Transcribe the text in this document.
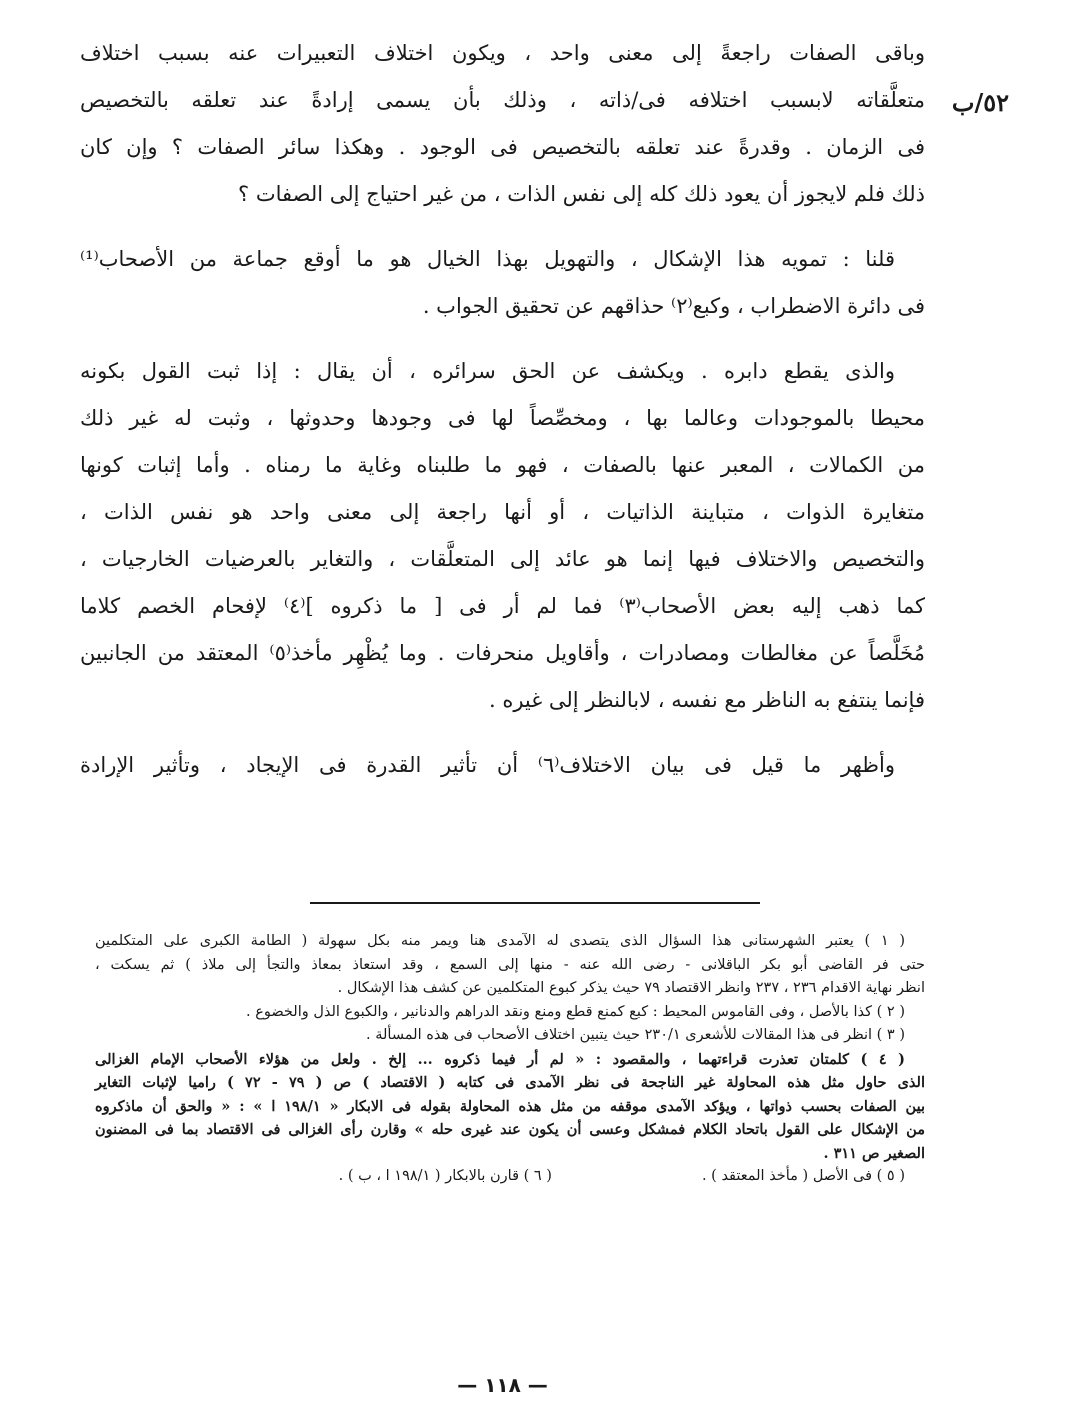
٥٢/ب

وباقى الصفات راجعةً إلى معنى واحد ، ويكون اختلاف التعبيرات عنه بسبب اختلاف
متعلَّقاته لابسبب اختلافه فى/ذاته ، وذلك بأن يسمى إرادةً عند تعلقه بالتخصيص
فى الزمان . وقدرةً عند تعلقه بالتخصيص فى الوجود . وهكذا سائر الصفات ؟ وإن كان
ذلك فلم لايجوز أن يعود ذلك كله إلى نفس الذات ، من غير احتياج إلى الصفات ؟

قلنا : تمويه هذا الإشكال ، والتهويل بهذا الخيال هو ما أوقع جماعة من الأصحاب⁽¹⁾
فى دائرة الاضطراب ، وكبع⁽٢⁾ حذاقهم عن تحقيق الجواب .

والذى يقطع دابره . ويكشف عن الحق سرائره ، أن يقال : إذا ثبت القول بكونه
محيطا بالموجودات وعالما بها ، ومخصِّصاً لها فى وجودها وحدوثها ، وثبت له غير ذلك
من الكمالات ، المعبر عنها بالصفات ، فهو ما طلبناه وغاية ما رمناه . وأما إثبات كونها
متغايرة الذوات ، متباينة الذاتيات ، أو أنها راجعة إلى معنى واحد هو نفس الذات ،
والتخصيص والاختلاف فيها إنما هو عائد إلى المتعلَّقات ، والتغاير بالعرضيات الخارجيات ،
كما ذهب إليه بعض الأصحاب⁽٣⁾ فما لم أر فى [ ما ذكروه ]⁽٤⁾ لإفحام الخصم كلاما
مُخَلَّصاً عن مغالطات ومصادرات ، وأقاويل منحرفات . وما يُظْهِر مأخذ⁽٥⁾ المعتقد من الجانبين
فإنما ينتفع به الناظر مع نفسه ، لابالنظر إلى غيره .

وأظهر ما قيل فى بيان الاختلاف⁽٦⁾ أن تأثير القدرة فى الإيجاد ، وتأثير الإرادة

( ١ ) يعتبر الشهرستانى هذا السؤال الذى يتصدى له الآمدى هنا ويمر منه بكل سهولة ( الطامة الكبرى على المتكلمين
حتى فر القاضى أبو بكر الباقلانى - رضى الله عنه - منها إلى السمع ، وقد استعاذ بمعاذ والتجأ إلى ملاذ ) ثم يسكت ،
انظر نهاية الاقدام ٢٣٦ ، ٢٣٧ وانظر الاقتصاد ٧٩ حيث يذكر كبوع المتكلمين عن كشف هذا الإشكال .

( ٢ ) كذا بالأصل ، وفى القاموس المحيط : كبع كمنع قطع ومنع ونقد الدراهم والدنانير ، والكبوع الذل والخضوع .

( ٣ ) انظر فى هذا المقالات للأشعرى ٢٣٠/١ حيث يتبين اختلاف الأصحاب فى هذه المسألة .

( ٤ ) كلمتان تعذرت قراءتهما ، والمقصود : « لم أر فيما ذكروه ... إلخ . ولعل من هؤلاء الأصحاب الإمام الغزالى
الذى حاول مثل هذه المحاولة غير الناجحة فى نظر الآمدى فى كتابه ( الاقتصاد ) ص ( ٧٩ - ٧٢ ) راميا لإثبات التغاير
بين الصفات بحسب ذواتها ، ويؤكد الآمدى موقفه من مثل هذه المحاولة بقوله فى الابكار « ١٩٨/١ ا » : « والحق أن ماذكروه
من الإشكال على القول باتحاد الكلام فمشكل وعسى أن يكون عند غيرى حله » وقارن رأى الغزالى فى الاقتصاد بما فى المضنون
الصغير ص ٣١١ .

( ٥ ) فى الأصل ( مأخذ المعتقد ) .
( ٦ ) قارن بالابكار ( ١٩٨/١ ا ، ب ) .
— ١١٨ —
